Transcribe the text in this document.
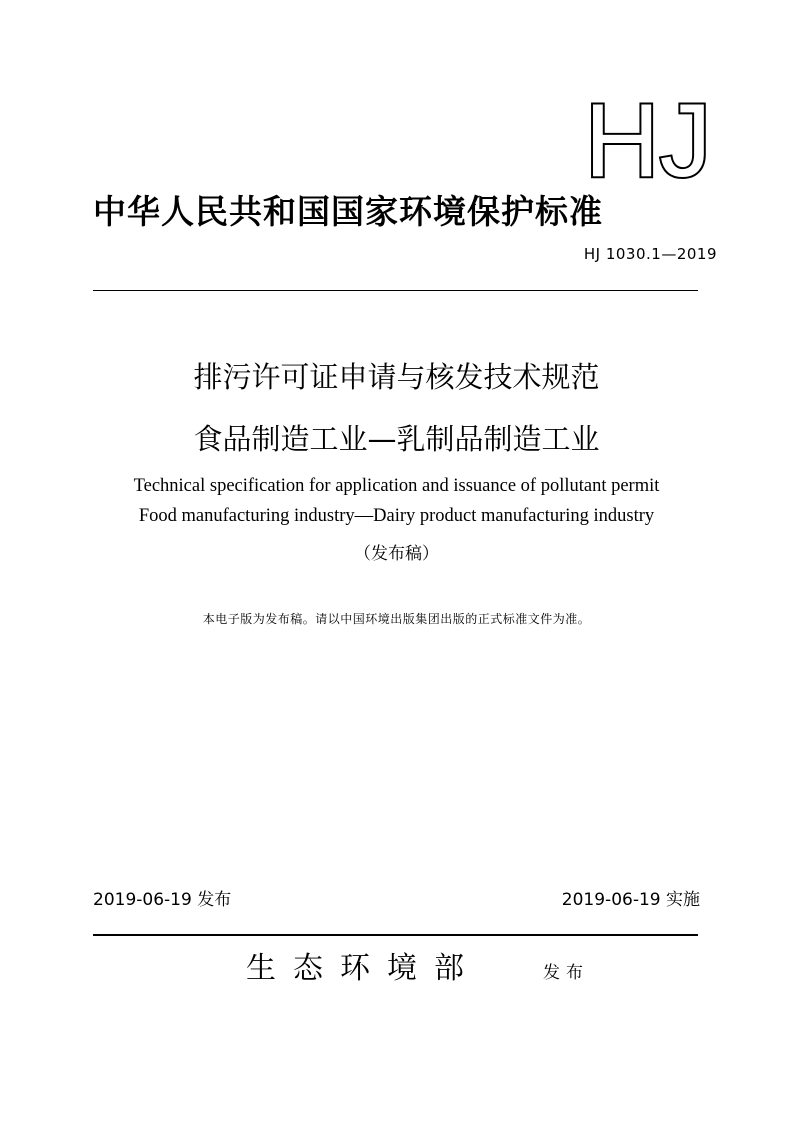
HJ
中华人民共和国国家环境保护标准
HJ 1030.1—2019
排污许可证申请与核发技术规范
食品制造工业—乳制品制造工业
Technical specification for application and issuance of pollutant permit
Food manufacturing industry—Dairy product manufacturing industry
（发布稿）
本电子版为发布稿。请以中国环境出版集团出版的正式标准文件为准。
2019-06-19 发布	2019-06-19 实施
生态环境部	发布
